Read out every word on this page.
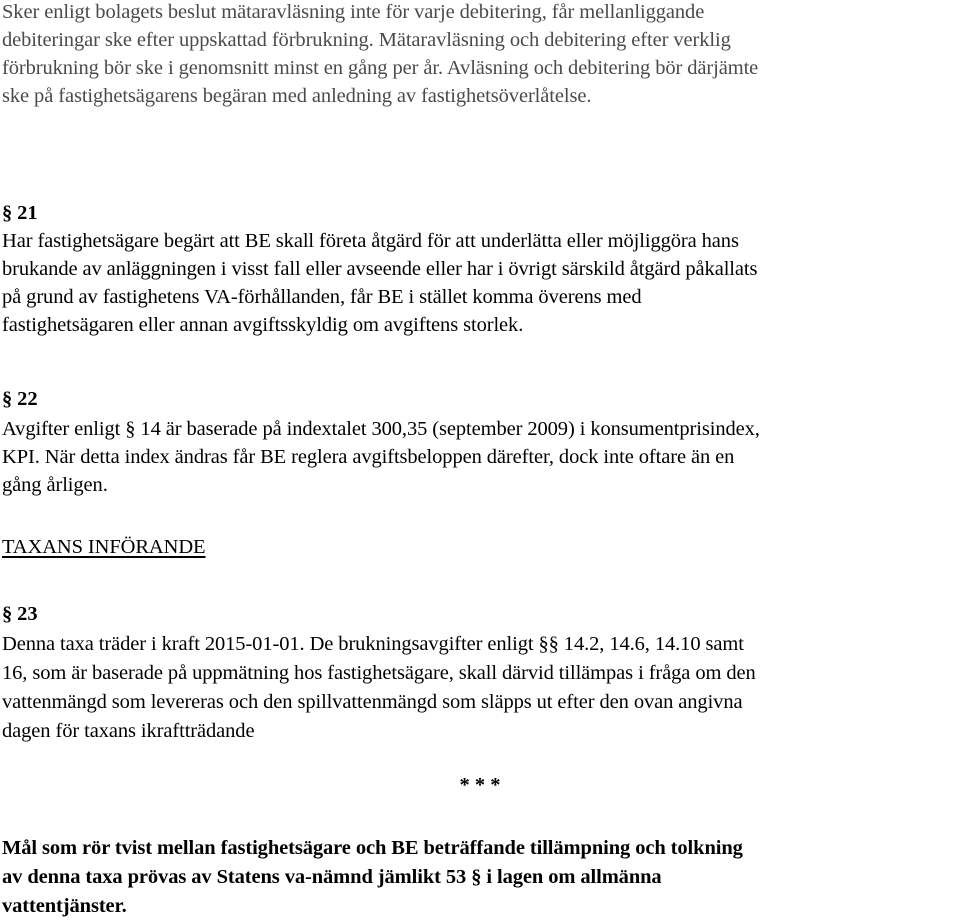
Sker enligt bolagets beslut mätaravläsning inte för varje debitering, får mellanliggande
debiteringar ske efter uppskattad förbrukning. Mätaravläsning och debitering efter verklig
förbrukning bör ske i genomsnitt minst en gång per år. Avläsning och debitering bör därjämte
ske på fastighetsägarens begäran med anledning av fastighetsöverlåtelse.
§ 21
Har fastighetsägare begärt att BE skall företa åtgärd för att underlätta eller möjliggöra hans
brukande av anläggningen i visst fall eller avseende eller har i övrigt särskild åtgärd påkallats
på grund av fastighetens VA-förhållanden, får BE i stället komma överens med
fastighetsägaren eller annan avgiftsskyldig om avgiftens storlek.
§ 22
Avgifter enligt § 14 är baserade på indextalet 300,35 (september 2009) i konsumentprisindex,
KPI. När detta index ändras får BE reglera avgiftsbeloppen därefter, dock inte oftare än en
gång årligen.
TAXANS INFÖRANDE
§ 23
Denna taxa träder i kraft 2015-01-01. De brukningsavgifter enligt §§ 14.2, 14.6, 14.10 samt
16, som är baserade på uppmätning hos fastighetsägare, skall därvid tillämpas i fråga om den
vattenmängd som levereras och den spillvattenmängd som släpps ut efter den ovan angivna
dagen för taxans ikraftträdande
* * *
Mål som rör tvist mellan fastighetsägare och BE beträffande tillämpning och tolkning
av denna taxa prövas av Statens va-nämnd jämlikt 53 § i lagen om allmänna
vattentjänster.
